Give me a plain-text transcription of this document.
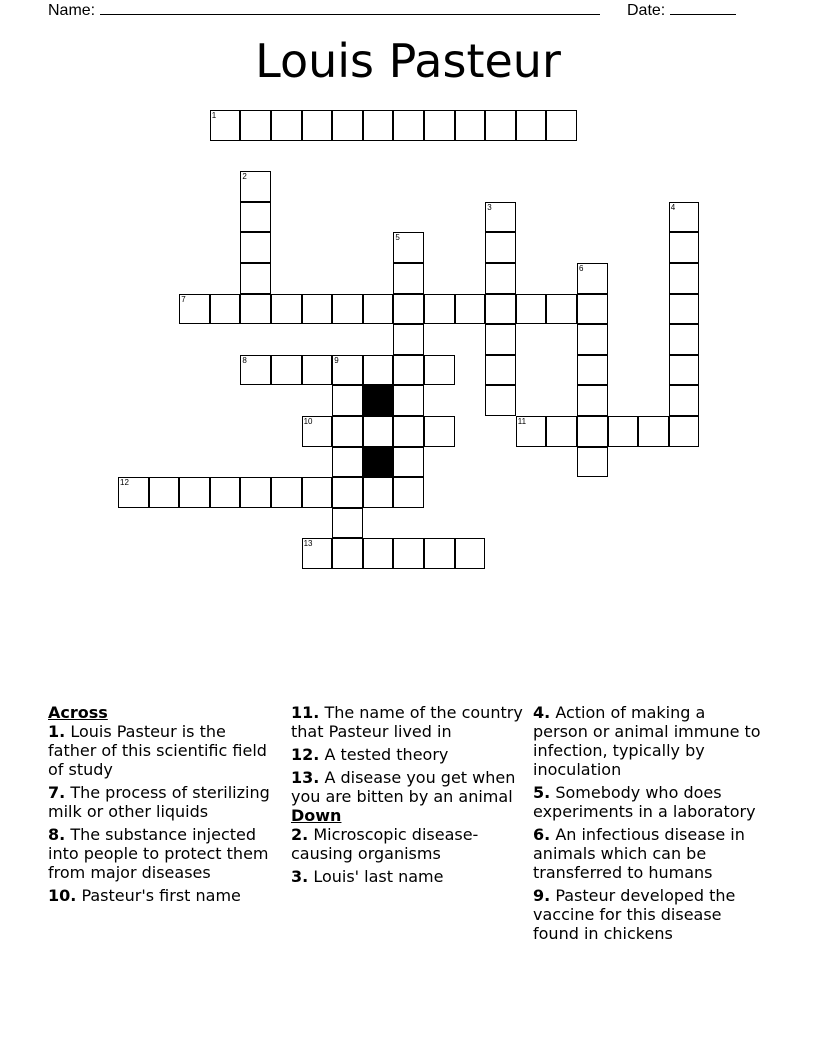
Name:	Date:
Louis Pasteur
1
2
3	4
5
6
7
8	9
10	11
12
13
Across
1. Louis Pasteur is the father of this scientific field of study
7. The process of sterilizing milk or other liquids
8. The substance injected into people to protect them from major diseases
10. Pasteur's first name
11. The name of the country that Pasteur lived in
12. A tested theory
13. A disease you get when you are bitten by an animal
Down
2. Microscopic disease-causing organisms
3. Louis' last name
4. Action of making a person or animal immune to infection, typically by inoculation
5. Somebody who does experiments in a laboratory
6. An infectious disease in animals which can be transferred to humans
9. Pasteur developed the vaccine for this disease found in chickens
